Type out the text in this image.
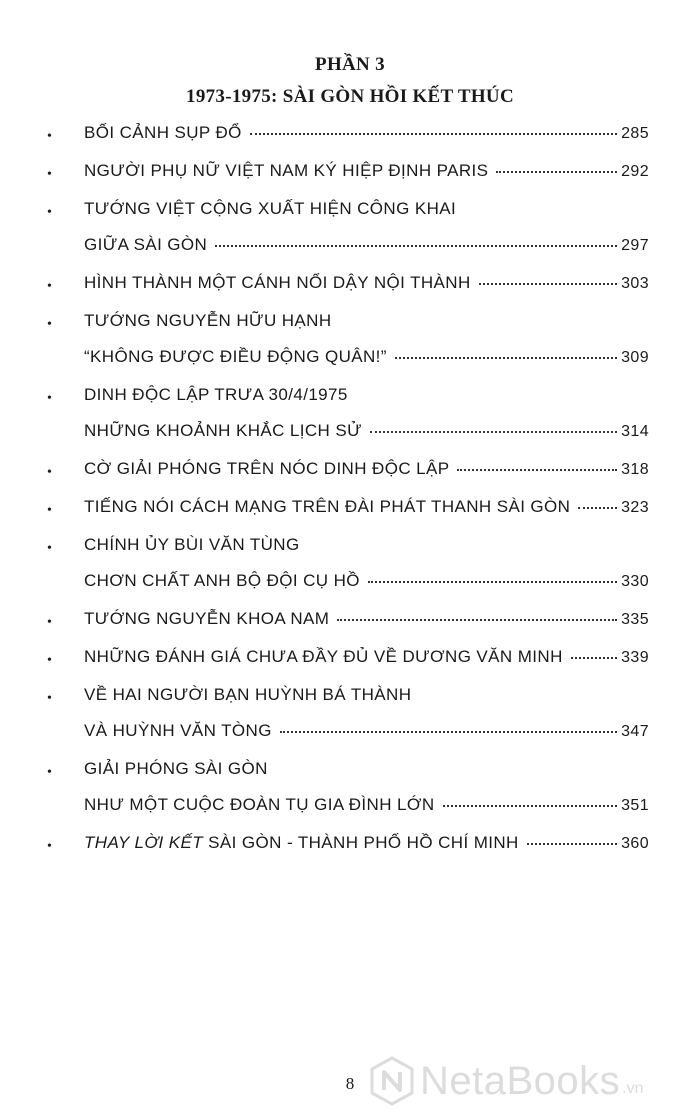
PHẦN 3
1973-1975: SÀI GÒN HỒI KẾT THÚC
• BỐI CẢNH SỤP ĐỔ	285
• NGƯỜI PHỤ NỮ VIỆT NAM KÝ HIỆP ĐỊNH PARIS	292
• TƯỚNG VIỆT CỘNG XUẤT HIỆN CÔNG KHAI
GIỮA SÀI GÒN	297
• HÌNH THÀNH MỘT CÁNH NỔI DẬY NỘI THÀNH	303
• TƯỚNG NGUYỄN HỮU HẠNH
“KHÔNG ĐƯỢC ĐIỀU ĐỘNG QUÂN!”	309
• DINH ĐỘC LẬP TRƯA 30/4/1975
NHỮNG KHOẢNH KHẮC LỊCH SỬ	314
• CỜ GIẢI PHÓNG TRÊN NÓC DINH ĐỘC LẬP	318
• TIẾNG NÓI CÁCH MẠNG TRÊN ĐÀI PHÁT THANH SÀI GÒN	323
• CHÍNH ỦY BÙI VĂN TÙNG
CHƠN CHẤT ANH BỘ ĐỘI CỤ HỒ	330
• TƯỚNG NGUYỄN KHOA NAM	335
• NHỮNG ĐÁNH GIÁ CHƯA ĐẦY ĐỦ VỀ DƯƠNG VĂN MINH	339
• VỀ HAI NGƯỜI BẠN HUỲNH BÁ THÀNH
VÀ HUỲNH VĂN TÒNG	347
• GIẢI PHÓNG SÀI GÒN
NHƯ MỘT CUỘC ĐOÀN TỤ GIA ĐÌNH LỚN	351
• THAY LỜI KẾT SÀI GÒN - THÀNH PHỐ HỒ CHÍ MINH	360
8	NetaBooks .vn
